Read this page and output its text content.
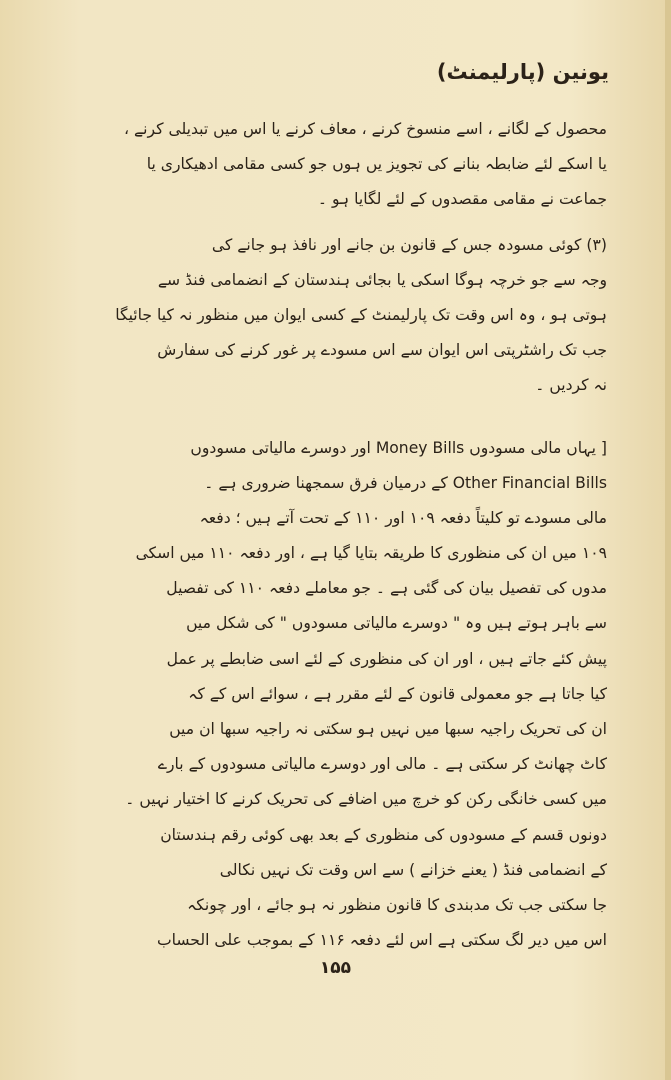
یونین (پارلیمنٹ)
محصول کے لگانے ، اسے منسوخ کرنے ، معاف کرنے یا اس میں تبدیلی کرنے ،
یا اسکے لئے ضابطہ بنانے کی تجویز یں ہوں جو کسی مقامی ادھیکاری یا
جماعت نے مقامی مقصدوں کے لئے لگایا ہو ۔
(۳) کوئی مسودہ جس کے قانون بن جانے اور نافذ ہو جانے کی
وجہ سے جو خرچہ ہوگا اسکی یا بجائی ہندستان کے انضمامی فنڈ سے
ہوتی ہو ، وہ اس وقت تک پارلیمنٹ کے کسی ایوان میں منظور نہ کیا جائیگا
جب تک راشٹرپتی اس ایوان سے اس مسودے پر غور کرنے کی سفارش
نہ کردیں ۔
[ یہاں مالی مسودوں Money Bills اور دوسرے مالیاتی مسودوں
Other Financial Bills کے درمیان فرق سمجھنا ضروری ہے ۔
مالی مسودے تو کلیتاً دفعہ ۱۰۹ اور ۱۱۰ کے تحت آتے ہیں ؛ دفعہ
۱۰۹ میں ان کی منظوری کا طریقہ بتایا گیا ہے ، اور دفعہ ۱۱۰ میں اسکی
مدوں کی تفصیل بیان کی گئی ہے ۔ جو معاملے دفعہ ۱۱۰ کی تفصیل
سے باہر ہوتے ہیں وہ " دوسرے مالیاتی مسودوں " کی شکل میں
پیش کئے جاتے ہیں ، اور ان کی منظوری کے لئے اسی ضابطے پر عمل
کیا جاتا ہے جو معمولی قانون کے لئے مقرر ہے ، سوائے اس کے کہ
ان کی تحریک راجیہ سبھا میں نہیں ہو سکتی نہ راجیہ سبھا ان میں
کاٹ چھانٹ کر سکتی ہے ۔ مالی اور دوسرے مالیاتی مسودوں کے بارے
میں کسی خانگی رکن کو خرچ میں اضافے کی تحریک کرنے کا اختیار نہیں ۔
دونوں قسم کے مسودوں کی منظوری کے بعد بھی کوئی رقم ہندستان
کے انضمامی فنڈ ( یعنے خزانے ) سے اس وقت تک نہیں نکالی
جا سکتی جب تک مدبندی کا قانون منظور نہ ہو جائے ، اور چونکہ
اس میں دیر لگ سکتی ہے اس لئے دفعہ ۱۱۶ کے بموجب علی الحساب
۱۵۵
